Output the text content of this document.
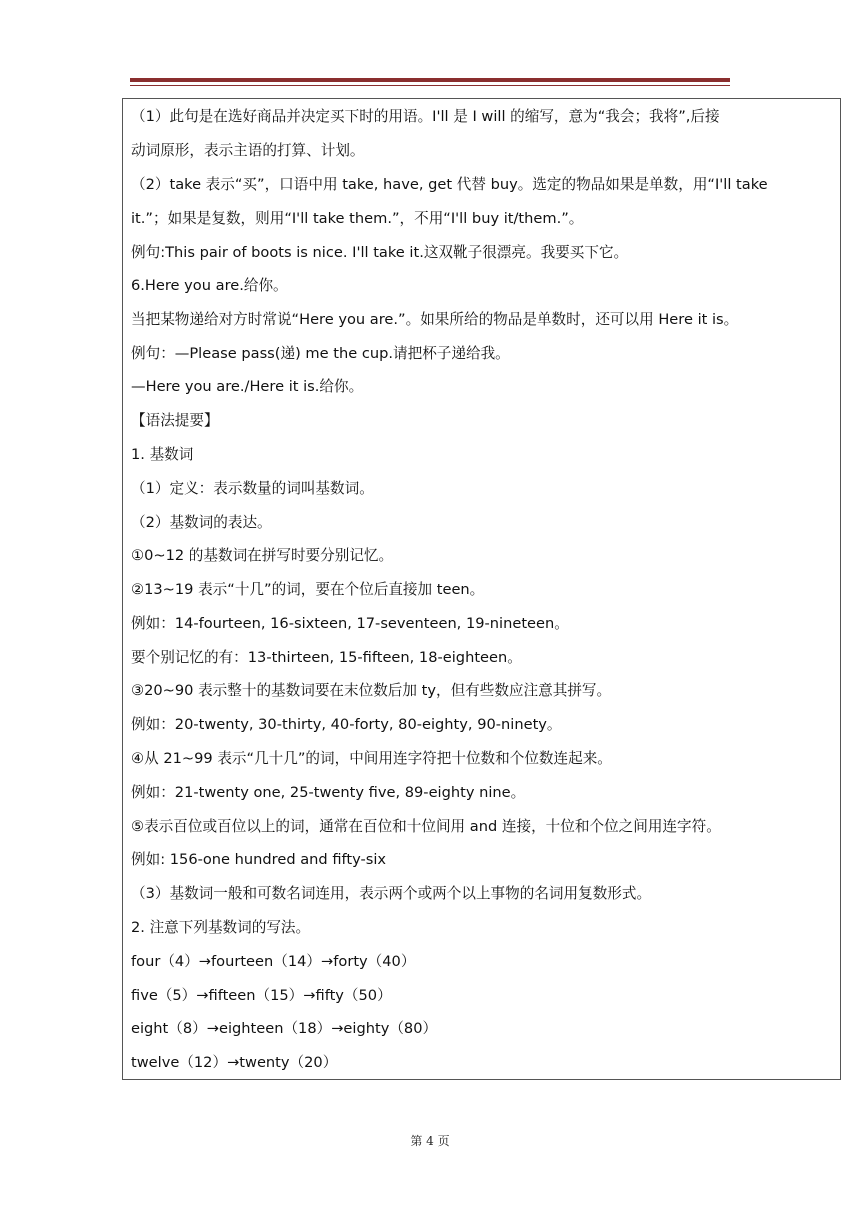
（1）此句是在选好商品并决定买下时的用语。I'll 是 I will 的缩写，意为“我会；我将”,后接
动词原形，表示主语的打算、计划。
（2）take 表示“买”，口语中用 take, have, get 代替 buy。选定的物品如果是单数，用“I'll take
it.”；如果是复数，则用“I'll take them.”，不用“I'll buy it/them.”。
例句:This pair of boots is nice. I'll take it.这双靴子很漂亮。我要买下它。
6.Here you are.给你。
当把某物递给对方时常说“Here you are.”。如果所给的物品是单数时，还可以用 Here it is。
例句：—Please pass(递) me the cup.请把杯子递给我。
—Here you are./Here it is.给你。
【语法提要】
1. 基数词
（1）定义：表示数量的词叫基数词。
（2）基数词的表达。
①0~12 的基数词在拼写时要分别记忆。
②13~19 表示“十几”的词，要在个位后直接加 teen。
例如：14-fourteen, 16-sixteen, 17-seventeen, 19-nineteen。
要个别记忆的有：13-thirteen, 15-fifteen, 18-eighteen。
③20~90 表示整十的基数词要在末位数后加 ty，但有些数应注意其拼写。
例如：20-twenty, 30-thirty, 40-forty, 80-eighty, 90-ninety。
④从 21~99 表示“几十几”的词，中间用连字符把十位数和个位数连起来。
例如：21-twenty one, 25-twenty five, 89-eighty nine。
⑤表示百位或百位以上的词，通常在百位和十位间用 and 连接，十位和个位之间用连字符。
例如: 156-one hundred and fifty-six
（3）基数词一般和可数名词连用，表示两个或两个以上事物的名词用复数形式。
2. 注意下列基数词的写法。
four（4）→fourteen（14）→forty（40）
five（5）→fifteen（15）→fifty（50）
eight（8）→eighteen（18）→eighty（80）
twelve（12）→twenty（20）
第 4 页
